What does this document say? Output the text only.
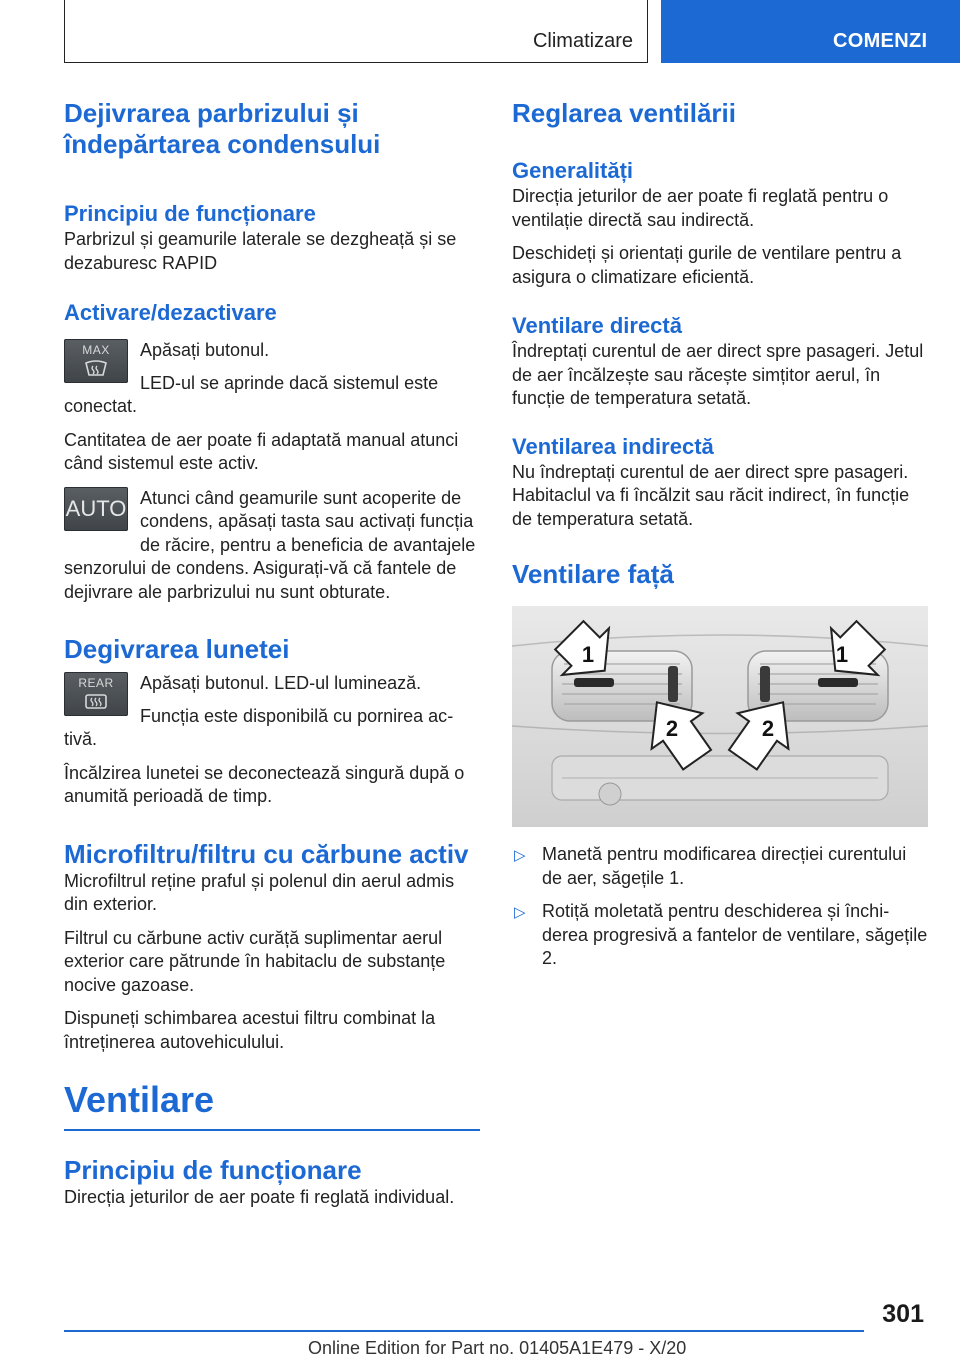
Climatizare	COMENZI
Dejivrarea parbrizului și îndepărtarea condensului
Principiu de funcționare

Parbrizul și geamurile laterale se dezgheață și se dezaburesc RAPID

Activare/dezactivare
MAX	Apăsați butonul.

LED-ul se aprinde dacă sistemul este conectat.

Cantitatea de aer poate fi adaptată manual atunci când sistemul este activ.

AUTO Atunci când geamurile sunt acoperite de condens, apăsați tasta sau activați funcția de răcire, pentru a beneficia de avantajele senzorului de condens. Asigurați-vă că fantele de dejivrare ale parbrizului nu sunt obturate.

Degivrarea lunetei
REAR	Apăsați butonul. LED-ul luminează.

Funcția este disponibilă cu pornirea activă.

Încălzirea lunetei se deconectează singură după o anumită perioadă de timp.

Microfiltru/filtru cu cărbune activ

Microfiltrul reține praful și polenul din aerul admis din exterior.

Filtrul cu cărbune activ curăță suplimentar aerul exterior care pătrunde în habitaclu de substanțe nocive gazoase.

Dispuneți schimbarea acestui filtru combinat la întreținerea autovehiculului.

Ventilare
Principiu de funcționare

Direcția jeturilor de aer poate fi reglată individual.

Reglarea ventilării
Generalități

Direcția jeturilor de aer poate fi reglată pentru o ventilație directă sau indirectă.

Deschideți și orientați gurile de ventilare pentru a asigura o climatizare eficientă.

Ventilare directă

Îndreptați curentul de aer direct spre pasageri. Jetul de aer încălzește sau răcește simțitor aerul, în funcție de temperatura setată.

Ventilarea indirectă

Nu îndreptați curentul de aer direct spre pasageri. Habitaclul va fi încălzit sau răcit indirect, în funcție de temperatura setată.

Ventilare față
1	1
2	2
▷ Manetă pentru modificarea direcției curentului de aer, săgețile 1.
▷ Rotiță moletată pentru deschiderea și închiderea progresivă a fantelor de ventilare, săgețile 2.
301
Online Edition for Part no. 01405A1E479 - X/20
